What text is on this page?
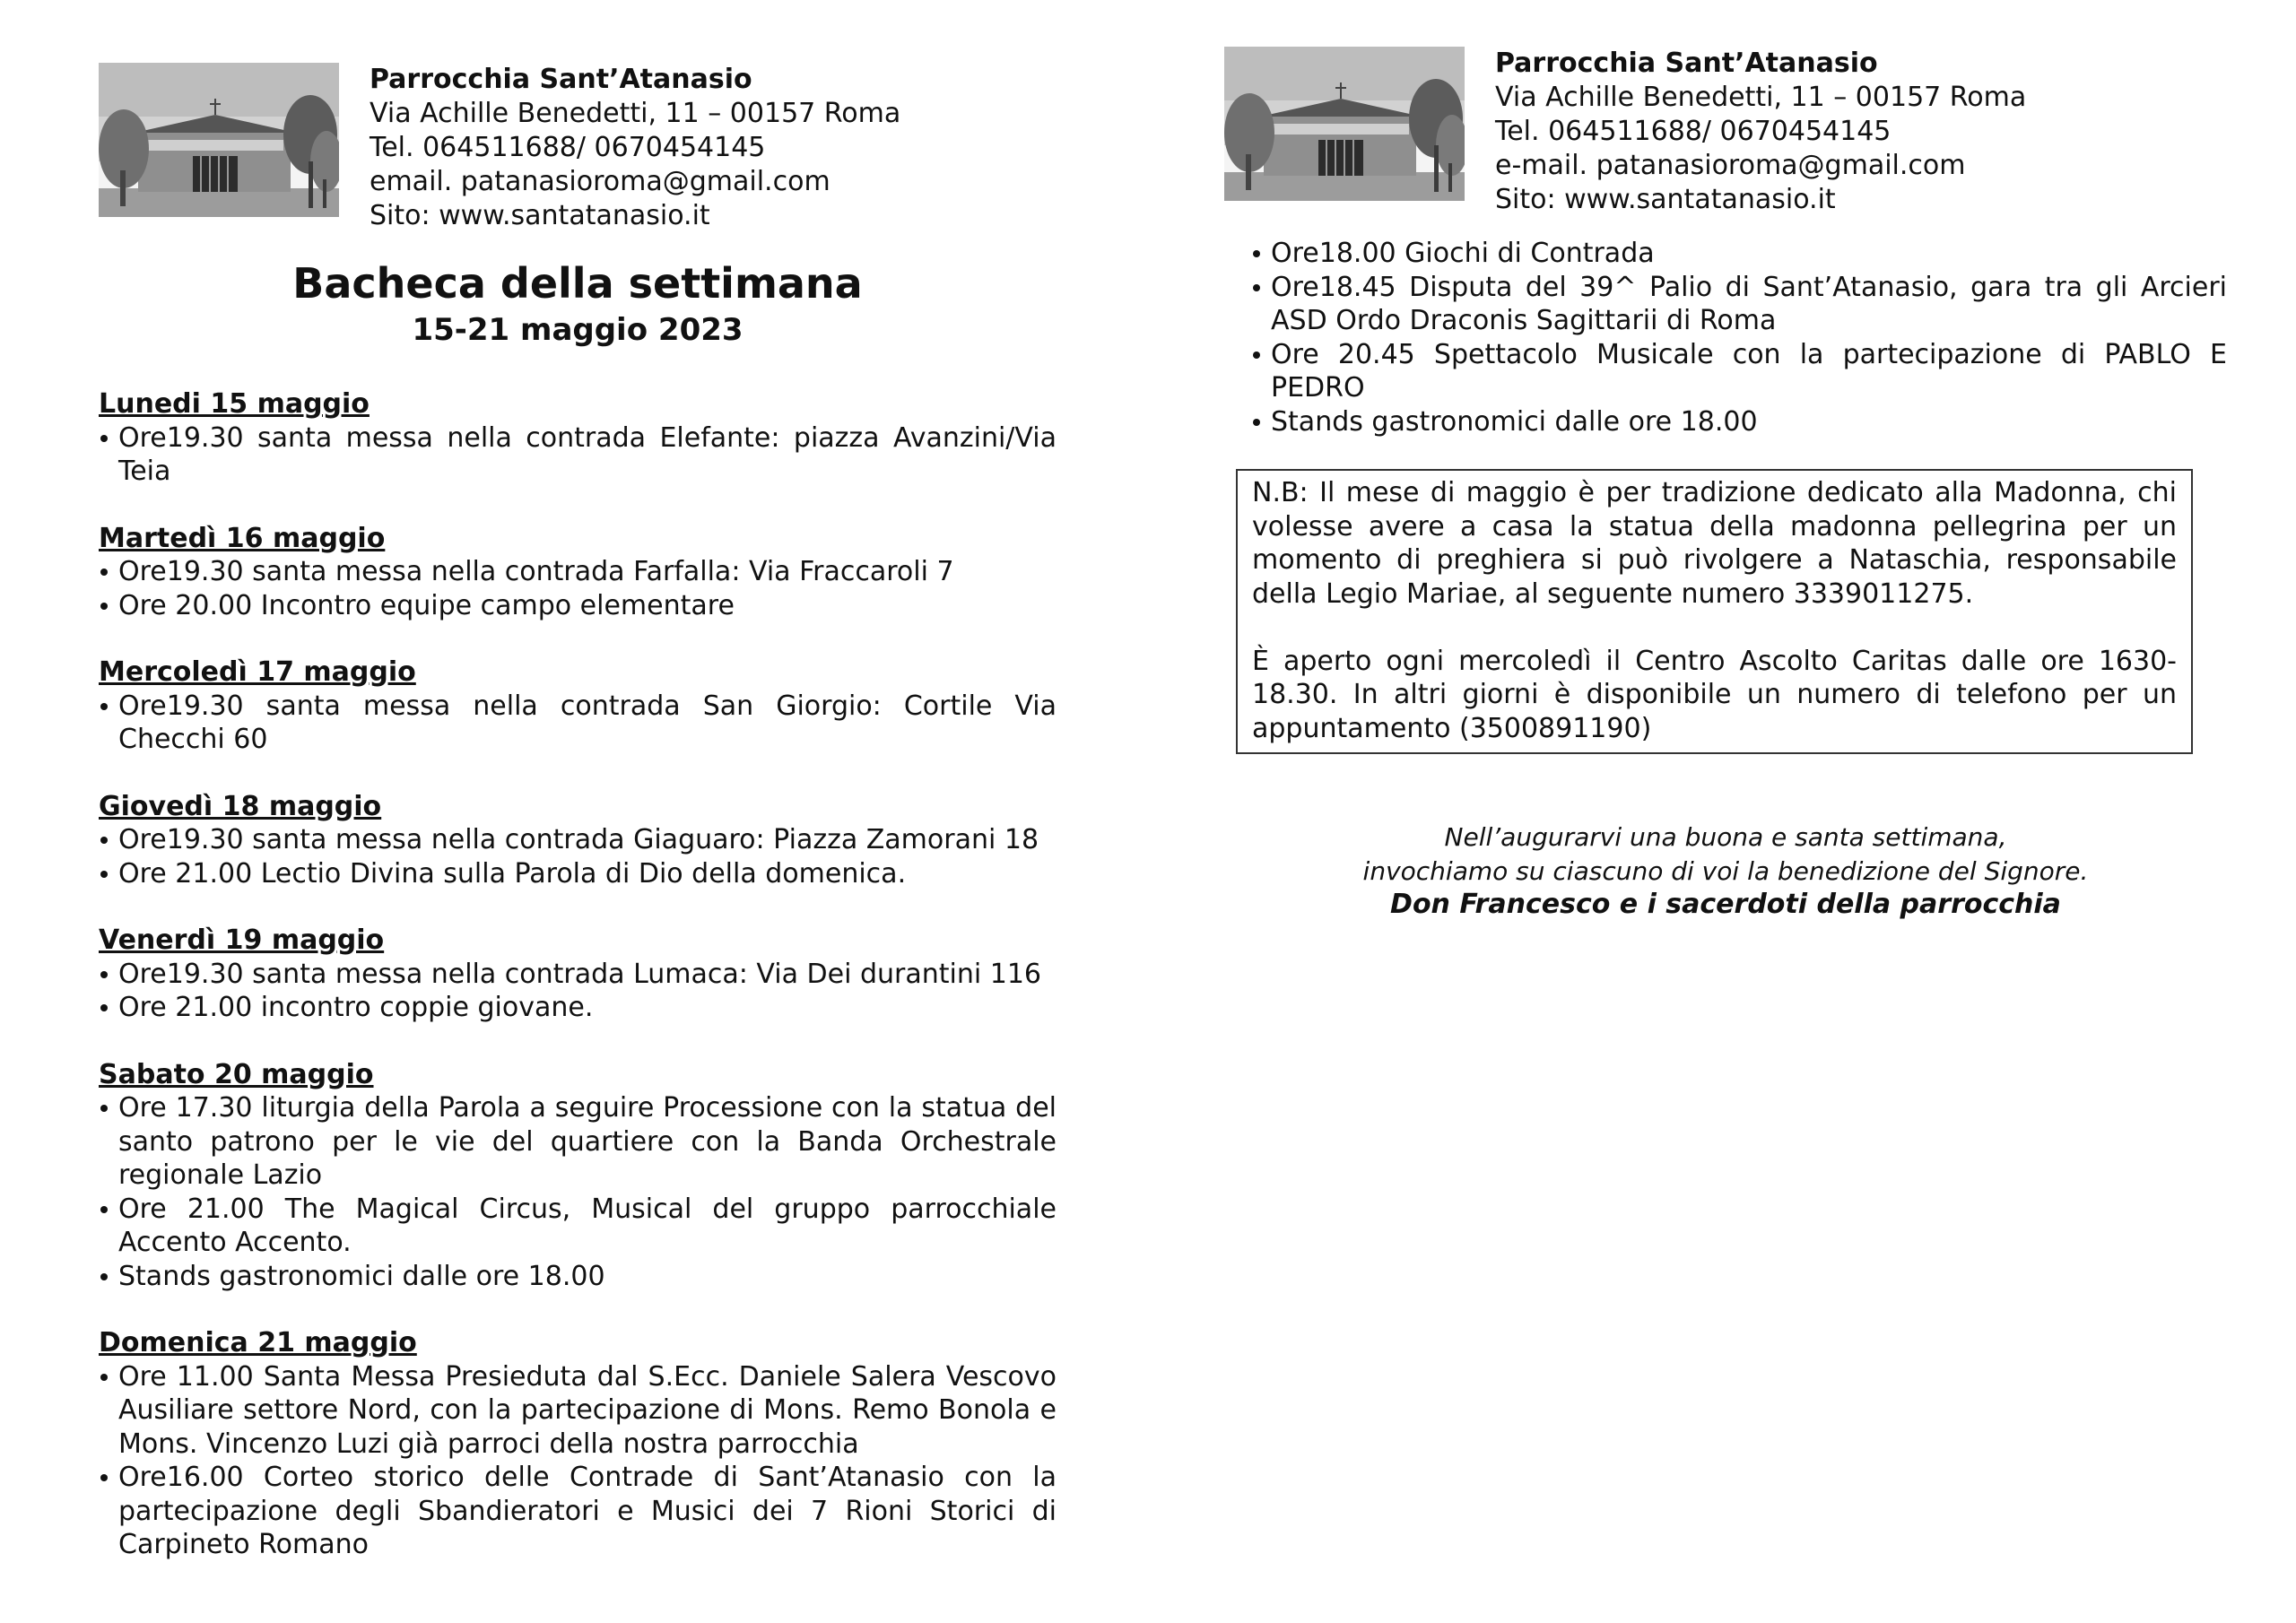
Parrocchia Sant’Atanasio
Via Achille Benedetti, 11 – 00157 Roma
Tel. 064511688/ 0670454145
email. patanasioroma@gmail.com
Sito: www.santatanasio.it
Bacheca della settimana
15-21 maggio 2023
Lunedi 15 maggio
Ore19.30 santa messa nella contrada Elefante: piazza Avanzini/Via Teia
Martedì 16 maggio
Ore19.30 santa messa nella contrada Farfalla: Via Fraccaroli 7
Ore 20.00 Incontro equipe campo elementare
Mercoledì 17 maggio
Ore19.30 santa messa nella contrada San Giorgio: Cortile Via Checchi 60
Giovedì 18 maggio
Ore19.30 santa messa nella contrada Giaguaro: Piazza Zamorani 18
Ore 21.00 Lectio Divina sulla Parola di Dio della domenica.
Venerdì 19 maggio
Ore19.30 santa messa nella contrada Lumaca: Via Dei durantini 116
Ore 21.00 incontro coppie giovane.
Sabato 20 maggio
Ore 17.30 liturgia della Parola a seguire Processione con la statua del santo patrono per le vie del quartiere con la Banda Orchestrale regionale Lazio
Ore 21.00 The Magical Circus, Musical del gruppo parrocchiale Accento Accento.
Stands gastronomici dalle ore 18.00
Domenica 21 maggio
Ore 11.00 Santa Messa Presieduta dal S.Ecc. Daniele Salera Vescovo Ausiliare settore Nord, con la partecipazione di Mons. Remo Bonola e Mons. Vincenzo Luzi già parroci della nostra parrocchia
Ore16.00 Corteo storico delle Contrade di Sant’Atanasio con la partecipazione degli Sbandieratori e Musici dei 7 Rioni Storici di Carpineto Romano
Parrocchia Sant’Atanasio
Via Achille Benedetti, 11 – 00157 Roma
Tel. 064511688/ 0670454145
e-mail. patanasioroma@gmail.com
Sito: www.santatanasio.it
Ore18.00 Giochi di Contrada
Ore18.45 Disputa del 39^ Palio di Sant’Atanasio, gara tra gli Arcieri ASD Ordo Draconis Sagittarii di Roma
Ore 20.45 Spettacolo Musicale con la partecipazione di PABLO E PEDRO
Stands gastronomici dalle ore 18.00

N.B: Il mese di maggio è per tradizione dedicato alla Madonna, chi volesse avere a casa la statua della madonna pellegrina per un momento di preghiera si può rivolgere a Nataschia, responsabile della Legio Mariae, al seguente numero 3339011275.

È aperto ogni mercoledì il Centro Ascolto Caritas dalle ore 1630-18.30. In altri giorni è disponibile un numero di telefono per un appuntamento (3500891190)

Nell’augurarvi una buona e santa settimana,
invochiamo su ciascuno di voi la benedizione del Signore.
Don Francesco e i sacerdoti della parrocchia
